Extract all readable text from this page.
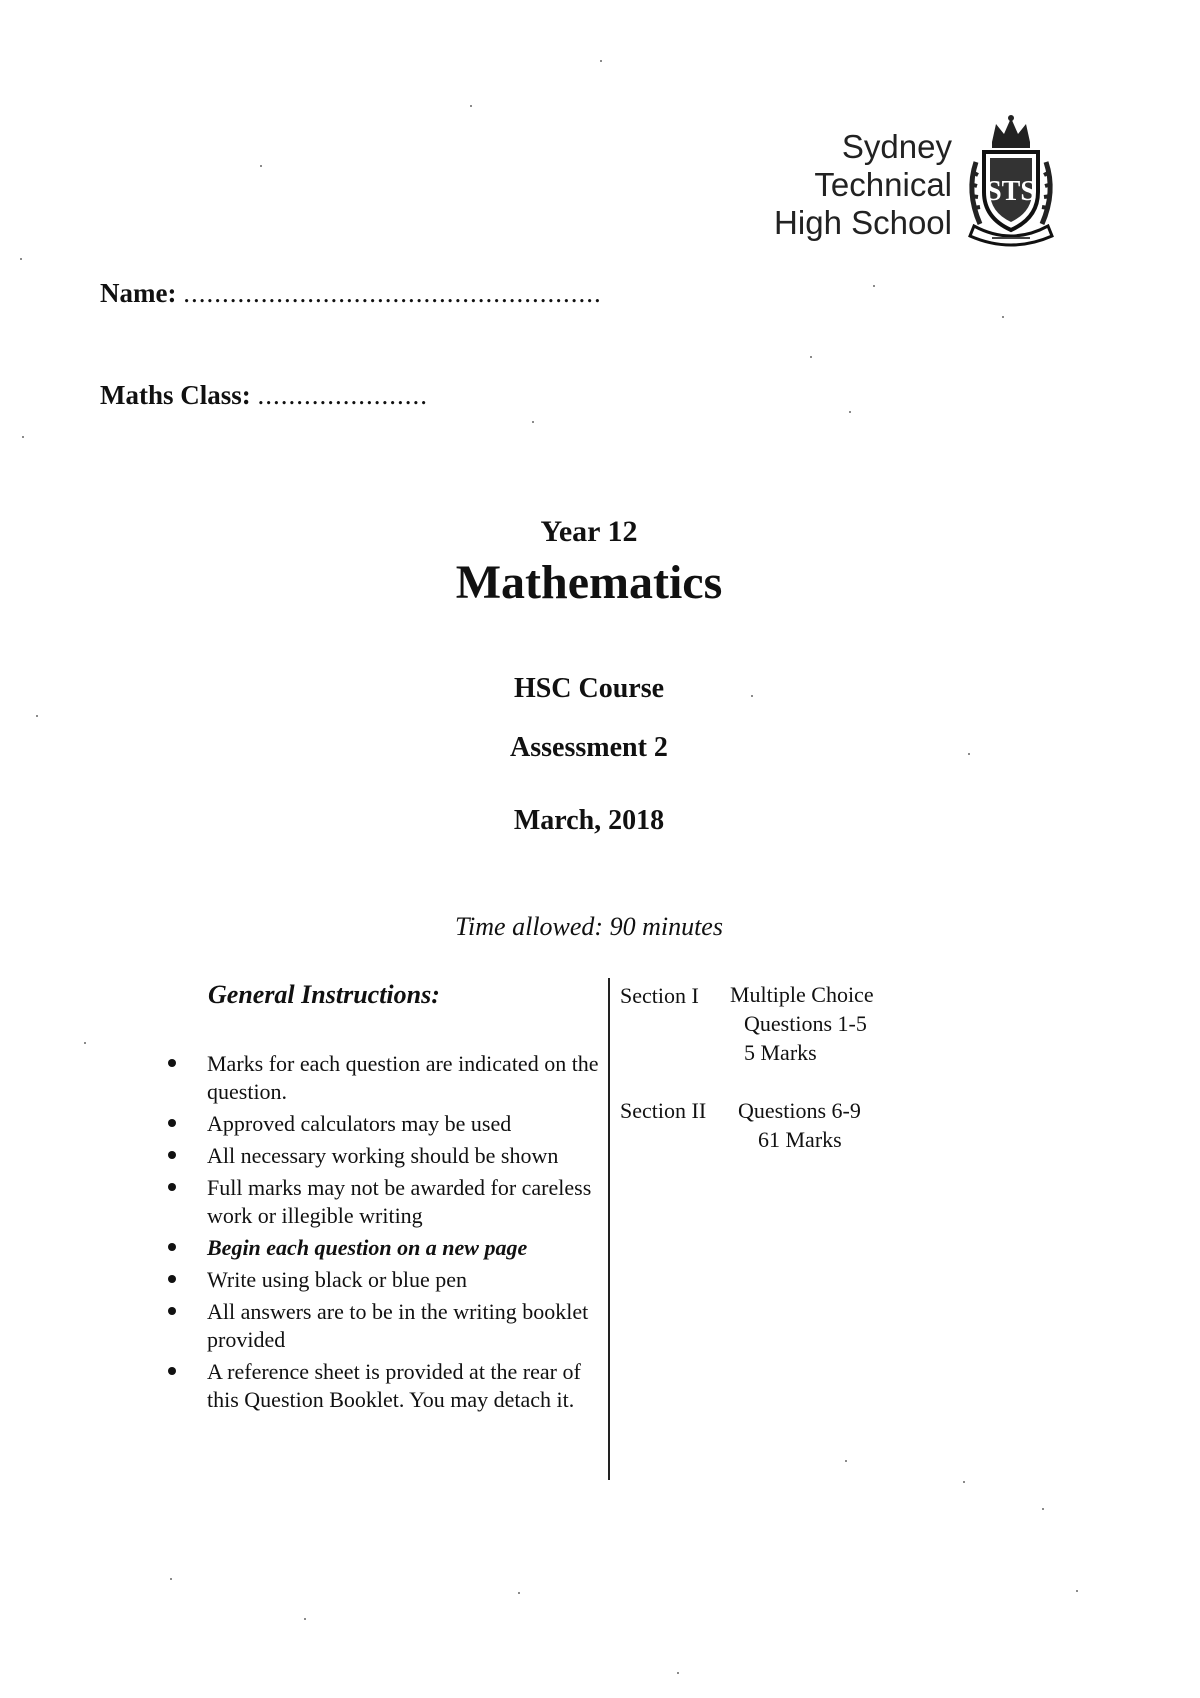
Sydney
Technical
High School
STS
Name: ......................................................
Maths Class: ......................
Year 12
Mathematics
HSC Course
Assessment 2
March, 2018
Time allowed: 90 minutes
General Instructions:
Marks for each question are indicated on the question.
Approved calculators may be used
All necessary working should be shown
Full marks may not be awarded for careless work or illegible writing
Begin each question on a new page
Write using black or blue pen
All answers are to be in the writing booklet provided
A reference sheet is provided at the rear of this Question Booklet. You may detach it.
Section I Multiple Choice
Questions 1-5
5 Marks
Section II Questions 6-9
61 Marks
